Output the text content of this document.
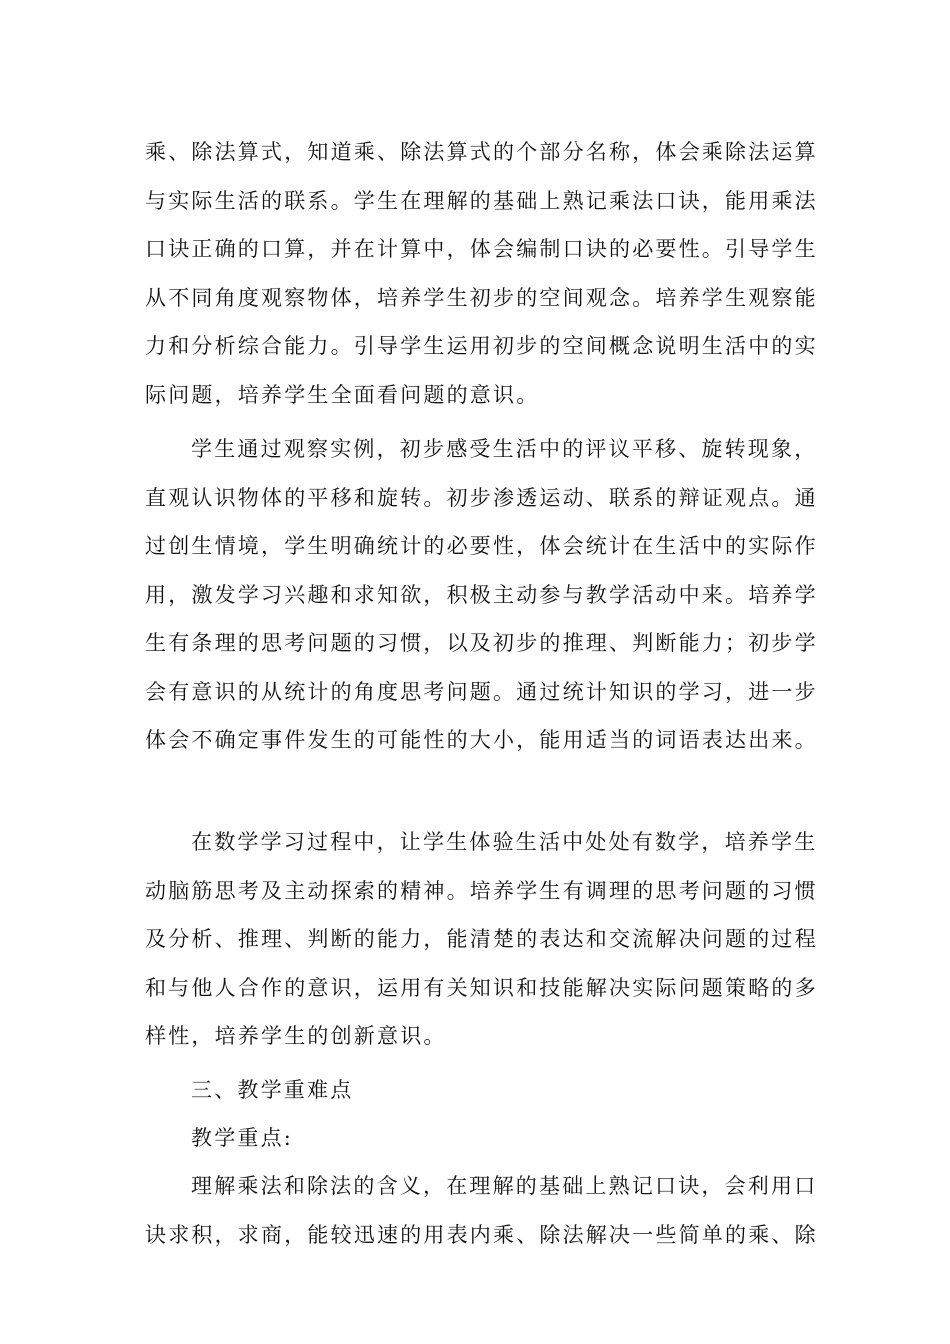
乘、除法算式，知道乘、除法算式的个部分名称，体会乘除法运算
与实际生活的联系。学生在理解的基础上熟记乘法口诀，能用乘法
口诀正确的口算，并在计算中，体会编制口诀的必要性。引导学生
从不同角度观察物体，培养学生初步的空间观念。培养学生观察能
力和分析综合能力。引导学生运用初步的空间概念说明生活中的实
际问题，培养学生全面看问题的意识。
学生通过观察实例，初步感受生活中的评议平移、旋转现象，
直观认识物体的平移和旋转。初步渗透运动、联系的辩证观点。通
过创生情境，学生明确统计的必要性，体会统计在生活中的实际作
用，激发学习兴趣和求知欲，积极主动参与教学活动中来。培养学
生有条理的思考问题的习惯，以及初步的推理、判断能力；初步学
会有意识的从统计的角度思考问题。通过统计知识的学习，进一步
体会不确定事件发生的可能性的大小，能用适当的词语表达出来。
在数学学习过程中，让学生体验生活中处处有数学，培养学生
动脑筋思考及主动探索的精神。培养学生有调理的思考问题的习惯
及分析、推理、判断的能力，能清楚的表达和交流解决问题的过程
和与他人合作的意识，运用有关知识和技能解决实际问题策略的多
样性，培养学生的创新意识。
三、教学重难点
教学重点:
理解乘法和除法的含义，在理解的基础上熟记口诀，会利用口
诀求积，求商，能较迅速的用表内乘、除法解决一些简单的乘、除
